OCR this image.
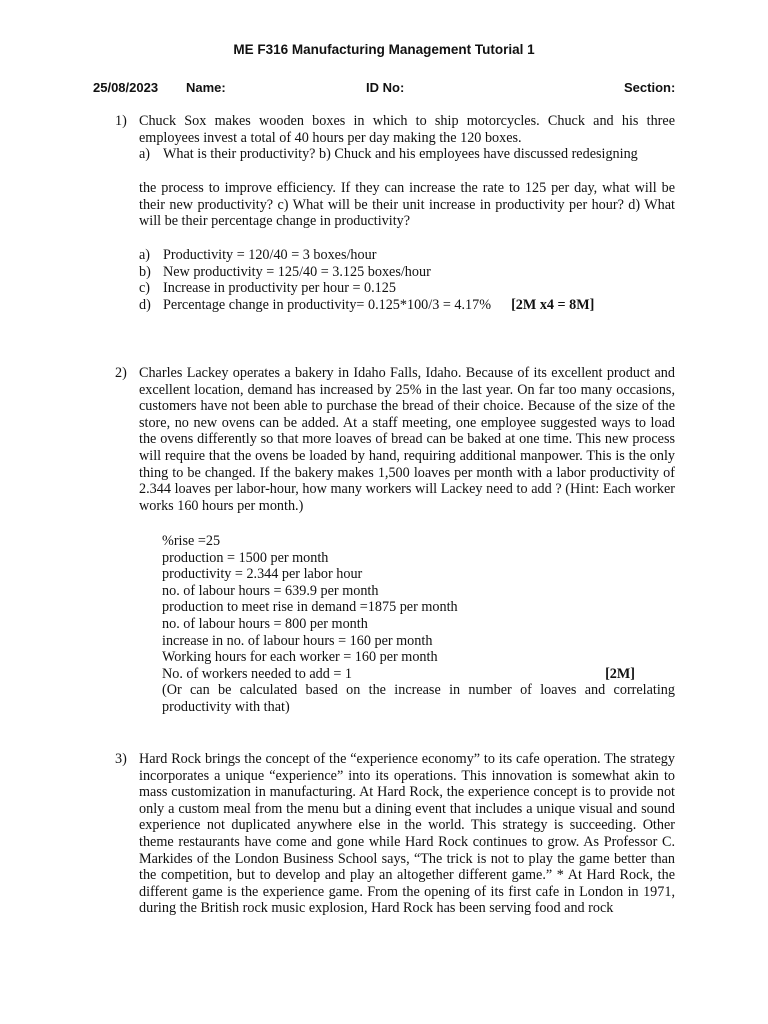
ME F316 Manufacturing Management Tutorial 1
25/08/2023 Name:	ID No:	Section:
1) Chuck Sox makes wooden boxes in which to ship motorcycles. Chuck and his three employees invest a total of 40 hours per day making the 120 boxes.
a) What is their productivity? b) Chuck and his employees have discussed redesigning
the process to improve efficiency. If they can increase the rate to 125 per day, what will be their new productivity? c) What will be their unit increase in productivity per hour? d) What will be their percentage change in productivity?
a) Productivity = 120/40 = 3 boxes/hour
b) New productivity = 125/40 = 3.125 boxes/hour
c) Increase in productivity per hour = 0.125
d) Percentage change in productivity= 0.125*100/3 = 4.17% [2M x4 = 8M]
2) Charles Lackey operates a bakery in Idaho Falls, Idaho. Because of its excellent product and excellent location, demand has increased by 25% in the last year. On far too many occasions, customers have not been able to purchase the bread of their choice. Because of the size of the store, no new ovens can be added. At a staff meeting, one employee suggested ways to load the ovens differently so that more loaves of bread can be baked at one time. This new process will require that the ovens be loaded by hand, requiring additional manpower. This is the only thing to be changed. If the bakery makes 1,500 loaves per month with a labor productivity of 2.344 loaves per labor-hour, how many workers will Lackey need to add ? (Hint: Each worker works 160 hours per month.)
%rise =25
production = 1500 per month
productivity = 2.344 per labor hour
no. of labour hours = 639.9 per month
production to meet rise in demand =1875 per month
no. of labour hours = 800 per month
increase in no. of labour hours = 160 per month
Working hours for each worker = 160 per month
No. of workers needed to add = 1	[2M]
(Or can be calculated based on the increase in number of loaves and correlating productivity with that)
3) Hard Rock brings the concept of the “experience economy” to its cafe operation. The strategy incorporates a unique “experience” into its operations. This innovation is somewhat akin to mass customization in manufacturing. At Hard Rock, the experience concept is to provide not only a custom meal from the menu but a dining event that includes a unique visual and sound experience not duplicated anywhere else in the world. This strategy is succeeding. Other theme restaurants have come and gone while Hard Rock continues to grow. As Professor C. Markides of the London Business School says, “The trick is not to play the game better than the competition, but to develop and play an altogether different game.” * At Hard Rock, the different game is the experience game. From the opening of its first cafe in London in 1971, during the British rock music explosion, Hard Rock has been serving food and rock
